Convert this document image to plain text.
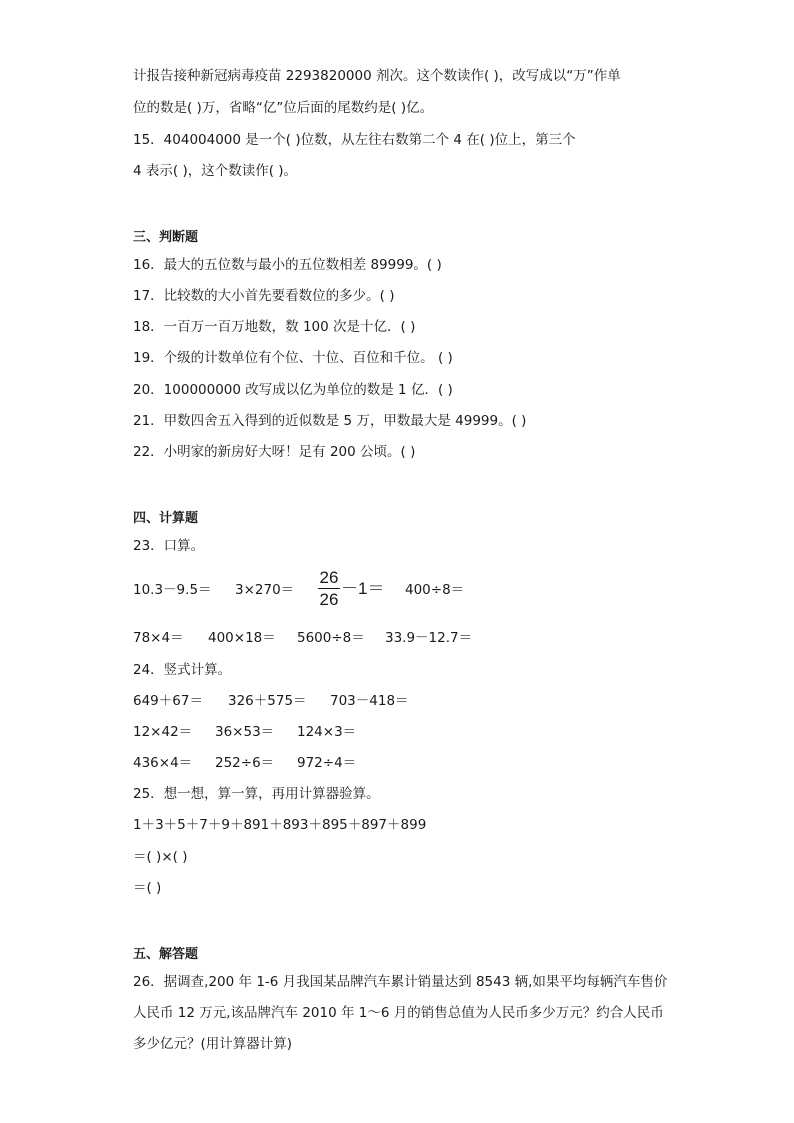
计报告接种新冠病毒疫苗 2293820000 剂次。这个数读作( )，改写成以“万”作单
位的数是( )万，省略“亿”位后面的尾数约是( )亿。
15．404004000 是一个( )位数，从左往右数第二个 4 在( )位上，第三个
4 表示( )，这个数读作( )。
三、判断题
16．最大的五位数与最小的五位数相差 89999。( )
17．比较数的大小首先要看数位的多少。( )
18．一百万一百万地数，数 100 次是十亿．( )
19．个级的计数单位有个位、十位、百位和千位。 ( )
20．100000000 改写成以亿为单位的数是 1 亿．( )
21．甲数四舍五入得到的近似数是 5 万，甲数最大是 49999。( )
22．小明家的新房好大呀！足有 200 公顷。( )
四、计算题
23．口算。
10.3－9.5＝ 3×270＝
26
26
－1＝ 400÷8＝
78×4＝ 400×18＝ 5600÷8＝ 33.9－12.7＝
24．竖式计算。
649＋67＝ 326＋575＝ 703－418＝
12×42＝ 36×53＝ 124×3＝
436×4＝ 252÷6＝ 972÷4＝
25．想一想，算一算，再用计算器验算。
1＋3＋5＋7＋9＋891＋893＋895＋897＋899
＝( )×( )
＝( )
五、解答题
26．据调查,200 年 1-6 月我国某品牌汽车累计销量达到 8543 辆,如果平均每辆汽车售价
人民币 12 万元,该品牌汽车 2010 年 1～6 月的销售总值为人民币多少万元？约合人民币
多少亿元？(用计算器计算)
